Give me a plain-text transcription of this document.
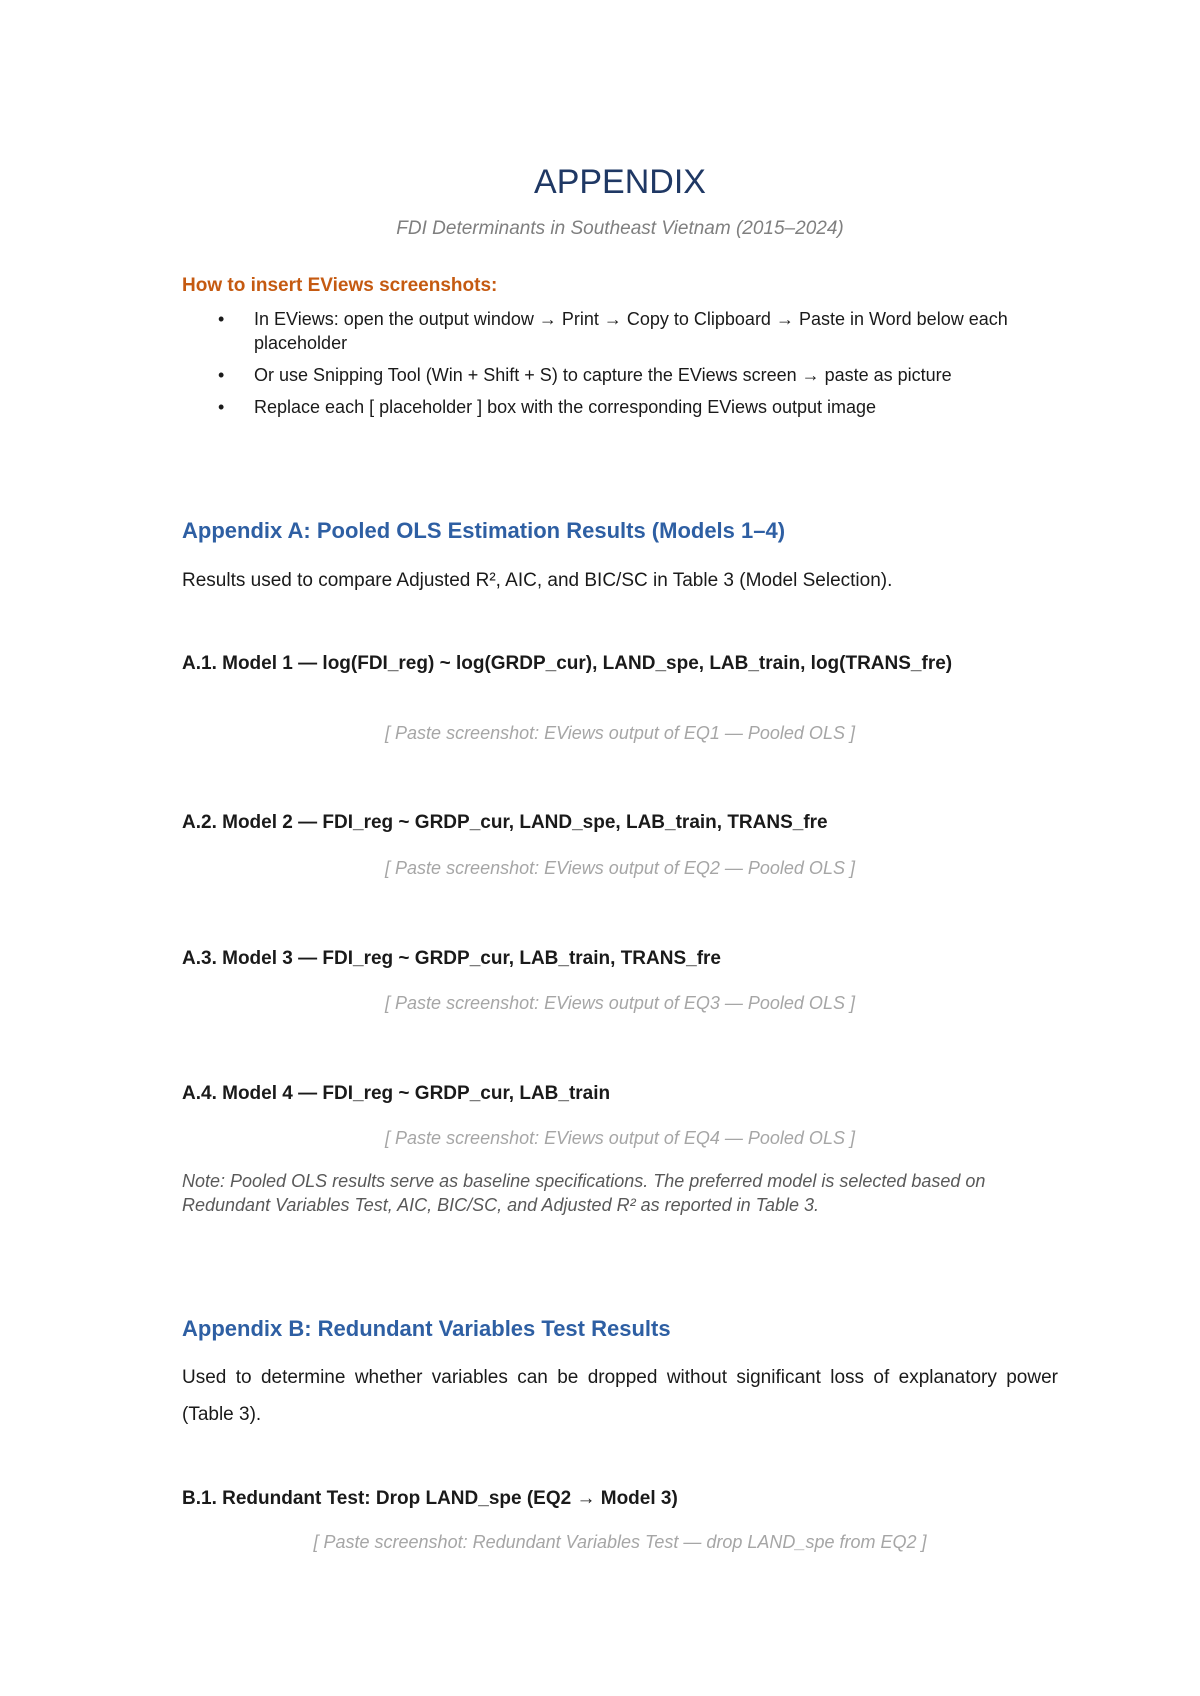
APPENDIX

FDI Determinants in Southeast Vietnam (2015–2024)

How to insert EViews screenshots:
• In EViews: open the output window → Print → Copy to Clipboard → Paste in Word below each placeholder
• Or use Snipping Tool (Win + Shift + S) to capture the EViews screen → paste as picture
• Replace each [ placeholder ] box with the corresponding EViews output image
Appendix A: Pooled OLS Estimation Results (Models 1–4)

Results used to compare Adjusted R², AIC, and BIC/SC in Table 3 (Model Selection).

A.1. Model 1 — log(FDI_reg) ~ log(GRDP_cur), LAND_spe, LAB_train, log(TRANS_fre)

[ Paste screenshot: EViews output of EQ1 — Pooled OLS ]

A.2. Model 2 — FDI_reg ~ GRDP_cur, LAND_spe, LAB_train, TRANS_fre

[ Paste screenshot: EViews output of EQ2 — Pooled OLS ]

A.3. Model 3 — FDI_reg ~ GRDP_cur, LAB_train, TRANS_fre

[ Paste screenshot: EViews output of EQ3 — Pooled OLS ]

A.4. Model 4 — FDI_reg ~ GRDP_cur, LAB_train

[ Paste screenshot: EViews output of EQ4 — Pooled OLS ]

Note: Pooled OLS results serve as baseline specifications. The preferred model is selected based on Redundant Variables Test, AIC, BIC/SC, and Adjusted R² as reported in Table 3.

Appendix B: Redundant Variables Test Results

Used to determine whether variables can be dropped without significant loss of explanatory power (Table 3).

B.1. Redundant Test: Drop LAND_spe (EQ2 → Model 3)

[ Paste screenshot: Redundant Variables Test — drop LAND_spe from EQ2 ]
